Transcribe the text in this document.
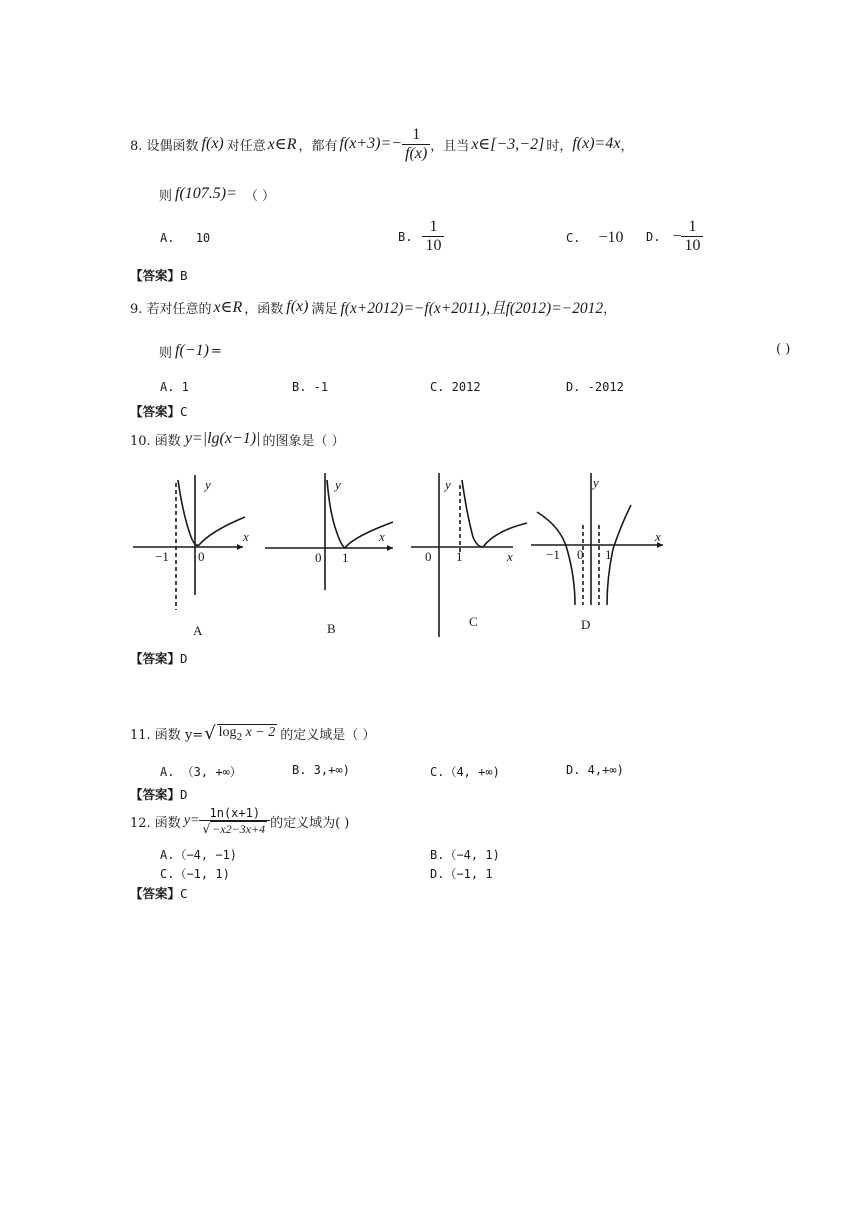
8. 设偶函数 f(x) 对任意 x∈R ，都有 $f(x+3)=- \frac{1}{f(x)}$ ，且当 x∈[−3,−2] 时， f(x)=4x ，
则 f(107.5)= （ ）
A. 10	B. $\frac{1}{10}$	C. −10 D. − $\frac{1}{10}$
【答案】B
9. 若对任意的 x∈R ，函数 f(x) 满足 f(x+2012)=−f(x+2011),且f(2012)=−2012 ，
则 f(−1) =	( )
A. 1	B. -1	C. 2012	D. -2012
【答案】C
10. 函数 y=|lg(x−1)| 的图象是（ ）
y
x
−1 0
A
y
x
0 1
B
y
x
0 1
C
y
x
−1 0 1
D
【答案】D
11. 函数 y= √ $\log_2 x - 2$ 的定义域是（ ）
A. （3, +∞）	B. 3,+∞)	C.（4, +∞)	D. 4,+∞)
【答案】D
12. 函数 $y= \frac{1n(x+1)}{√ -x2-3x+4}$ 的定义域为( )
A.（−4, −1)	B.（−4, 1)
C.（−1, 1)	D.（−1, 1
【答案】C
